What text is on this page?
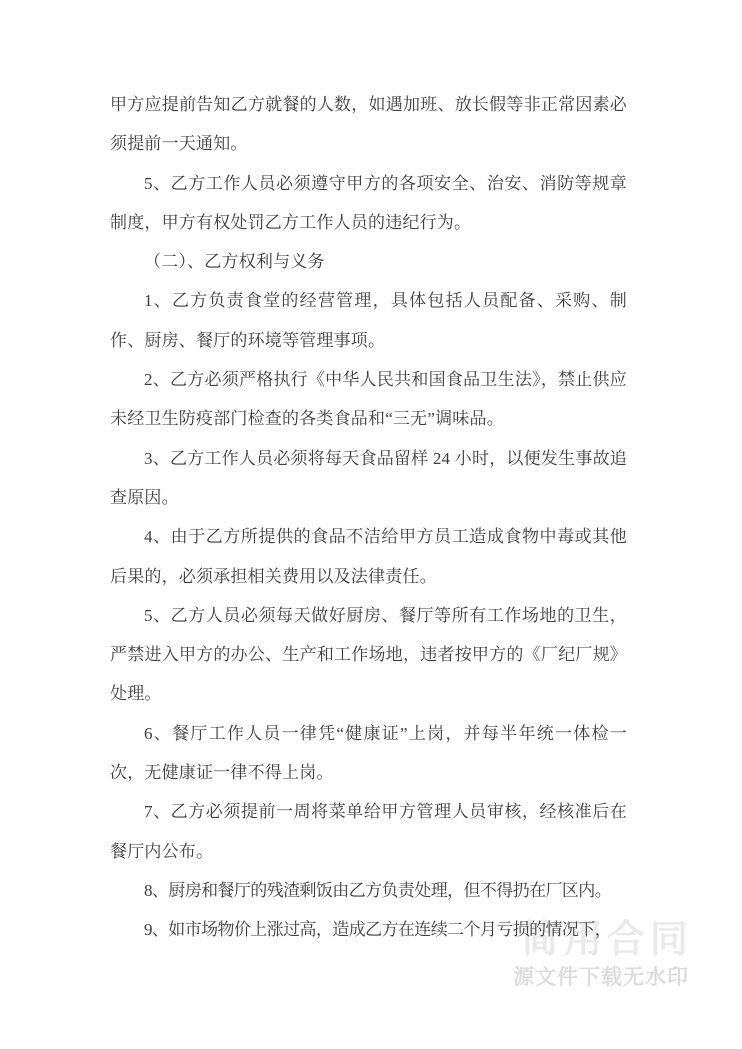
甲方应提前告知乙方就餐的人数，如遇加班、放长假等非正常因素必须提前一天通知。
5、乙方工作人员必须遵守甲方的各项安全、治安、消防等规章制度，甲方有权处罚乙方工作人员的违纪行为。
（二）、乙方权利与义务
1、乙方负责食堂的经营管理，具体包括人员配备、采购、制作、厨房、餐厅的环境等管理事项。
2、乙方必须严格执行《中华人民共和国食品卫生法》，禁止供应未经卫生防疫部门检查的各类食品和“三无”调味品。
3、乙方工作人员必须将每天食品留样 24 小时，以便发生事故追查原因。
4、由于乙方所提供的食品不洁给甲方员工造成食物中毒或其他后果的，必须承担相关费用以及法律责任。
5、乙方人员必须每天做好厨房、餐厅等所有工作场地的卫生，严禁进入甲方的办公、生产和工作场地，违者按甲方的《厂纪厂规》处理。
6、餐厅工作人员一律凭“健康证”上岗，并每半年统一体检一次，无健康证一律不得上岗。
7、乙方必须提前一周将菜单给甲方管理人员审核，经核准后在餐厅内公布。
8、厨房和餐厅的残渣剩饭由乙方负责处理，但不得扔在厂区内。
9、如市场物价上涨过高，造成乙方在连续二个月亏损的情况下，
简用合同
源文件下载无水印
